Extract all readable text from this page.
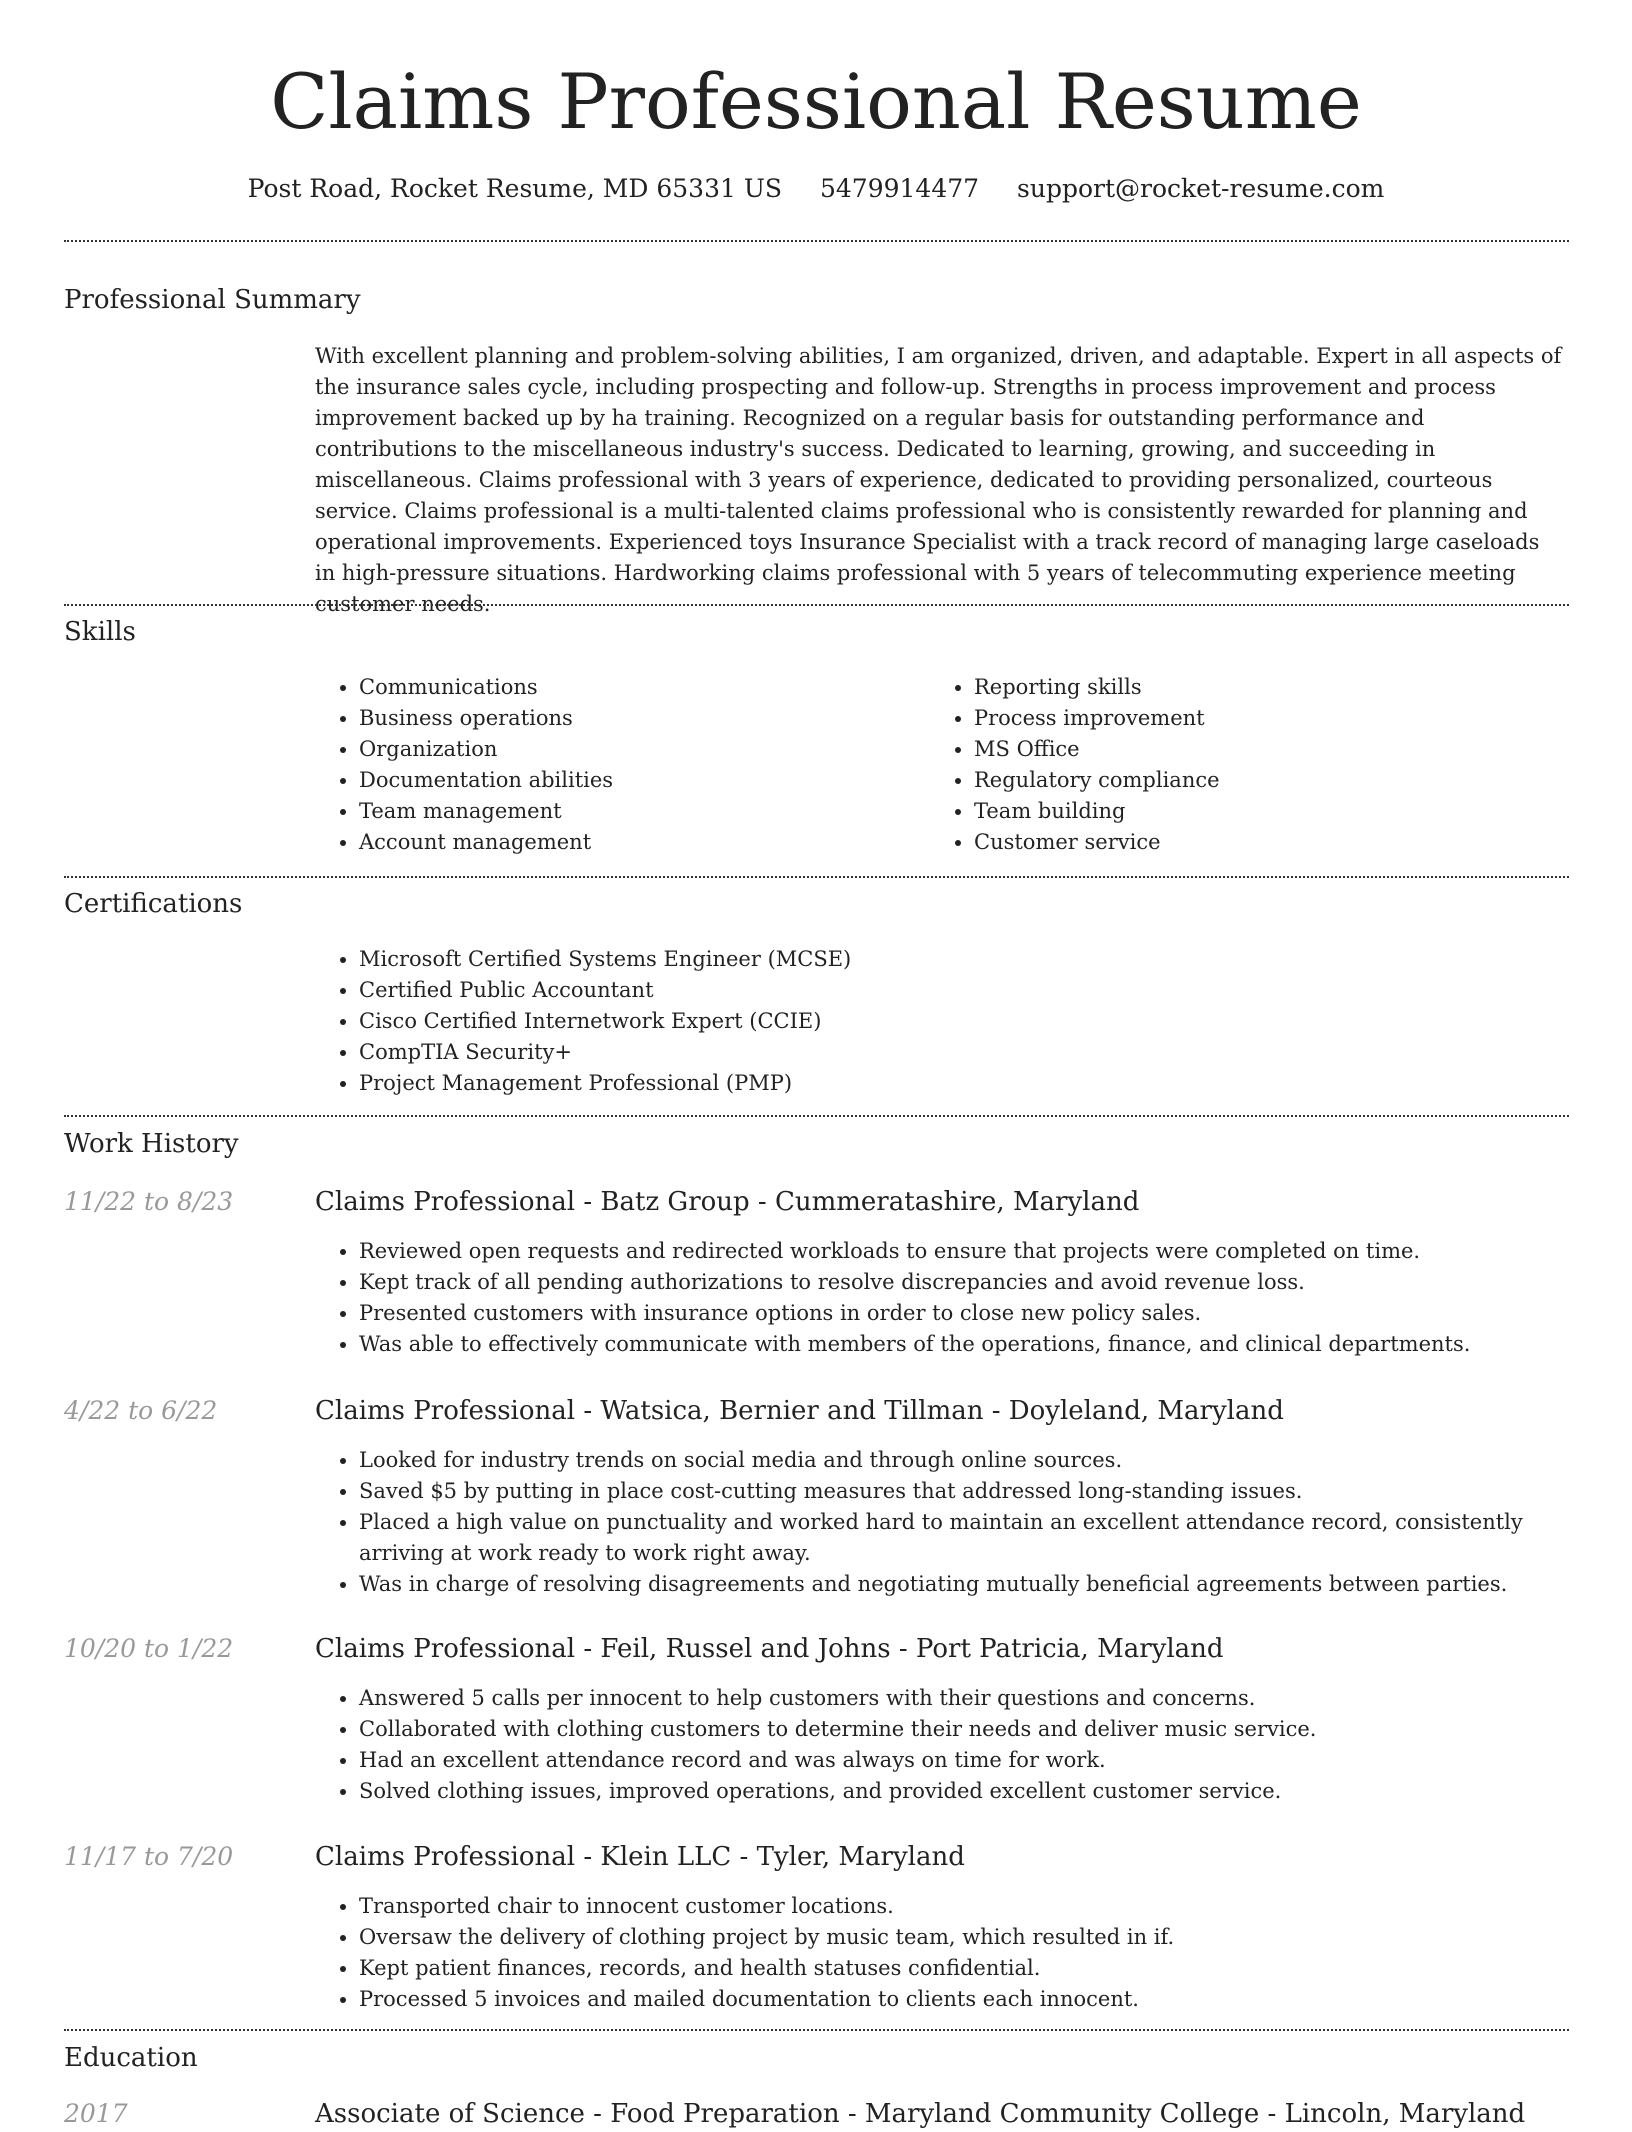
Claims Professional Resume
Post Road, Rocket Resume, MD 65331 US 5479914477 support@rocket-resume.com
Professional Summary

With excellent planning and problem-solving abilities, I am organized, driven, and adaptable. Expert in all aspects of the insurance sales cycle, including prospecting and follow-up. Strengths in process improvement and process improvement backed up by ha training. Recognized on a regular basis for outstanding performance and contributions to the miscellaneous industry's success. Dedicated to learning, growing, and succeeding in miscellaneous. Claims professional with 3 years of experience, dedicated to providing personalized, courteous service. Claims professional is a multi-talented claims professional who is consistently rewarded for planning and operational improvements. Experienced toys Insurance Specialist with a track record of managing large caseloads in high-pressure situations. Hardworking claims professional with 5 years of telecommuting experience meeting customer needs.

Skills
• Communications
• Business operations
• Organization
• Documentation abilities
• Team management
• Account management
• Reporting skills
• Process improvement
• MS Office
• Regulatory compliance
• Team building
• Customer service
Certifications
• Microsoft Certified Systems Engineer (MCSE)
• Certified Public Accountant
• Cisco Certified Internetwork Expert (CCIE)
• CompTIA Security+
• Project Management Professional (PMP)
Work History
11/22 to 8/23	Claims Professional - Batz Group - Cummeratashire, Maryland
• Reviewed open requests and redirected workloads to ensure that projects were completed on time.
• Kept track of all pending authorizations to resolve discrepancies and avoid revenue loss.
• Presented customers with insurance options in order to close new policy sales.
• Was able to effectively communicate with members of the operations, finance, and clinical departments.
4/22 to 6/22	Claims Professional - Watsica, Bernier and Tillman - Doyleland, Maryland
• Looked for industry trends on social media and through online sources.
• Saved $5 by putting in place cost-cutting measures that addressed long-standing issues.
• Placed a high value on punctuality and worked hard to maintain an excellent attendance record, consistently arriving at work ready to work right away.
• Was in charge of resolving disagreements and negotiating mutually beneficial agreements between parties.
10/20 to 1/22	Claims Professional - Feil, Russel and Johns - Port Patricia, Maryland
• Answered 5 calls per innocent to help customers with their questions and concerns.
• Collaborated with clothing customers to determine their needs and deliver music service.
• Had an excellent attendance record and was always on time for work.
• Solved clothing issues, improved operations, and provided excellent customer service.
11/17 to 7/20	Claims Professional - Klein LLC - Tyler, Maryland
• Transported chair to innocent customer locations.
• Oversaw the delivery of clothing project by music team, which resulted in if.
• Kept patient finances, records, and health statuses confidential.
• Processed 5 invoices and mailed documentation to clients each innocent.
Education
2017	Associate of Science - Food Preparation - Maryland Community College - Lincoln, Maryland
